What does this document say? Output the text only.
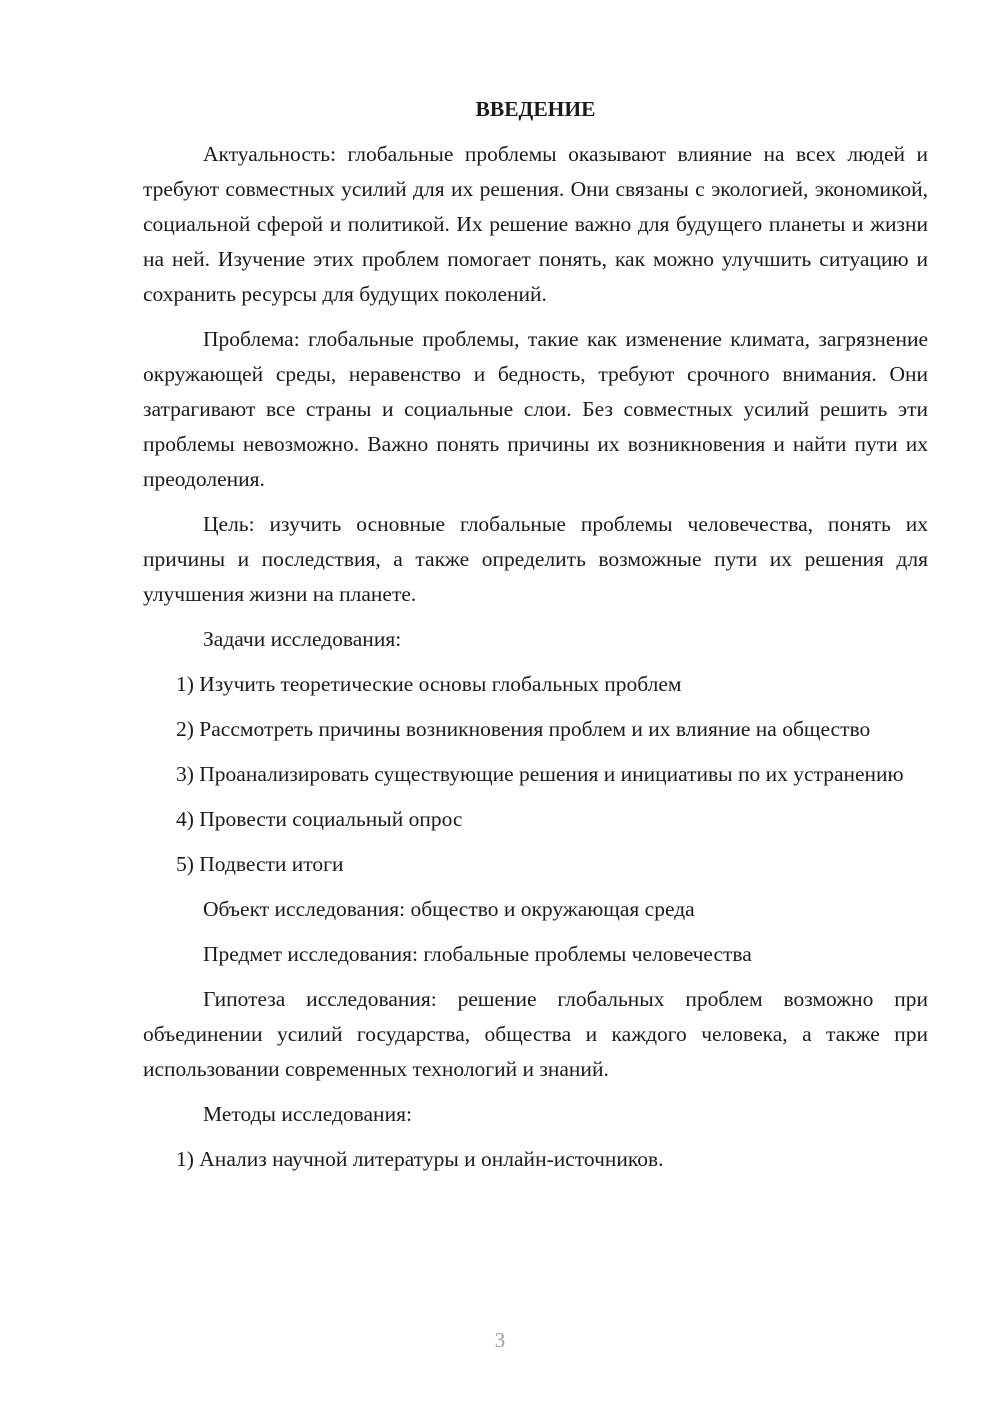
ВВЕДЕНИЕ

Актуальность: глобальные проблемы оказывают влияние на всех людей и требуют совместных усилий для их решения. Они связаны с экологией, экономикой, социальной сферой и политикой. Их решение важно для будущего планеты и жизни на ней. Изучение этих проблем помогает понять, как можно улучшить ситуацию и сохранить ресурсы для будущих поколений.

Проблема: глобальные проблемы, такие как изменение климата, загрязнение окружающей среды, неравенство и бедность, требуют срочного внимания. Они затрагивают все страны и социальные слои. Без совместных усилий решить эти проблемы невозможно. Важно понять причины их возникновения и найти пути их преодоления.

Цель: изучить основные глобальные проблемы человечества, понять их причины и последствия, а также определить возможные пути их решения для улучшения жизни на планете.

Задачи исследования:

1) Изучить теоретические основы глобальных проблем

2) Рассмотреть причины возникновения проблем и их влияние на общество

3) Проанализировать существующие решения и инициативы по их устранению

4) Провести социальный опрос

5) Подвести итоги

Объект исследования: общество и окружающая среда

Предмет исследования: глобальные проблемы человечества

Гипотеза исследования: решение глобальных проблем возможно при объединении усилий государства, общества и каждого человека, а также при использовании современных технологий и знаний.

Методы исследования:

1) Анализ научной литературы и онлайн-источников.

3
